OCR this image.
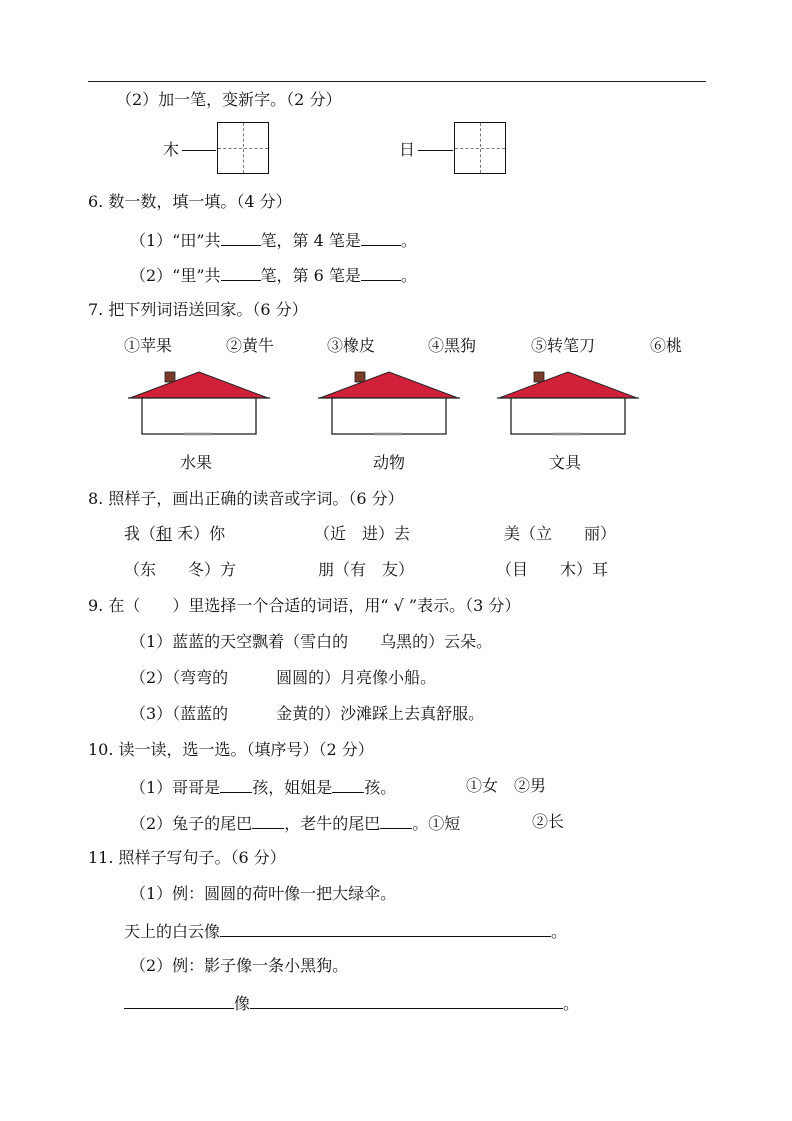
（2）加一笔，变新字。（2 分）
木	日
6. 数一数，填一填。（4 分）
（1）“田”共	笔，第 4 笔是	。
（2）“里”共	笔，第 6 笔是	。
7. 把下列词语送回家。（6 分）
①苹果	②黄牛	③橡皮	④黑狗	⑤转笔刀	⑥桃
水果	动物	文具
8. 照样子，画出正确的读音或字词。（6 分）
我（和 禾）你	（近　进）去	美（立　　丽）
（东　　冬）方	朋（有　友）	（目　　木）耳
9. 在（　　）里选择一个合适的词语，用“ √ ”表示。（3 分）
（1）蓝蓝的天空飘着（雪白的　　乌黑的）云朵。
（2）（弯弯的　　　圆圆的）月亮像小船。
（3）（蓝蓝的　　　金黄的）沙滩踩上去真舒服。
10. 读一读，选一选。（填序号）（2 分）
（1）哥哥是 孩，姐姐是 孩。	①女　②男
（2）兔子的尾巴 ，老牛的尾巴 。①短	②长
11. 照样子写句子。（6 分）
（1）例：圆圆的荷叶像一把大绿伞。
天上的白云像	。
（2）例：影子像一条小黑狗。
像	。
